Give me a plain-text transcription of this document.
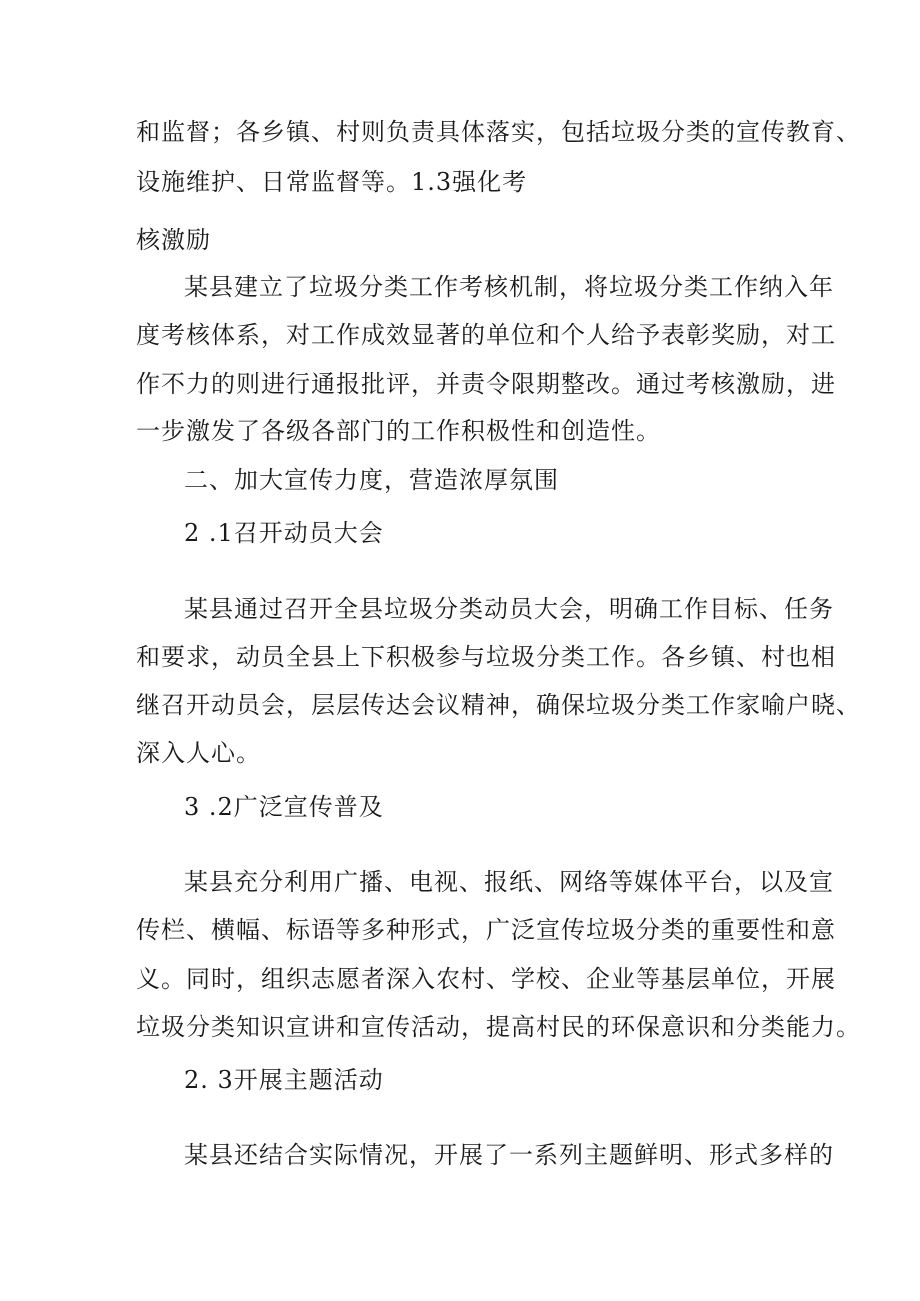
和监督；各乡镇、村则负责具体落实，包括垃圾分类的宣传教育、

设施维护、日常监督等。1.3强化考

核激励

某县建立了垃圾分类工作考核机制，将垃圾分类工作纳入年

度考核体系，对工作成效显著的单位和个人给予表彰奖励，对工

作不力的则进行通报批评，并责令限期整改。通过考核激励，进

一步激发了各级各部门的工作积极性和创造性。

二、加大宣传力度，营造浓厚氛围

2 .1召开动员大会

某县通过召开全县垃圾分类动员大会，明确工作目标、任务

和要求，动员全县上下积极参与垃圾分类工作。各乡镇、村也相

继召开动员会，层层传达会议精神，确保垃圾分类工作家喻户晓、

深入人心。

3 .2广泛宣传普及

某县充分利用广播、电视、报纸、网络等媒体平台，以及宣

传栏、横幅、标语等多种形式，广泛宣传垃圾分类的重要性和意

义。同时，组织志愿者深入农村、学校、企业等基层单位，开展

垃圾分类知识宣讲和宣传活动，提高村民的环保意识和分类能力。

2. 3开展主题活动

某县还结合实际情况，开展了一系列主题鲜明、形式多样的
